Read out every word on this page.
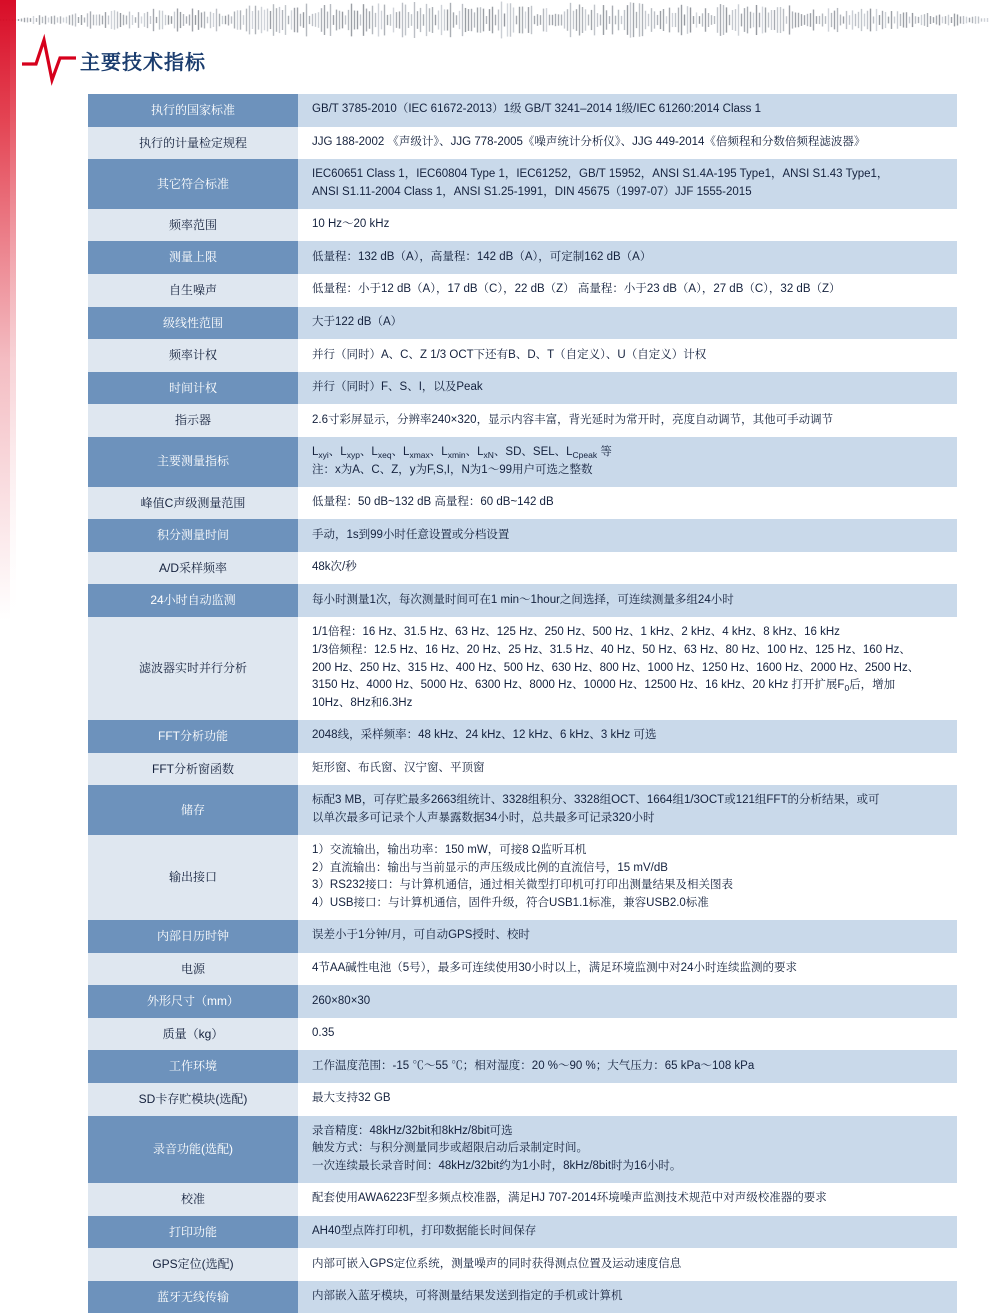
主要技术指标
执行的国家标准	GB/T 3785-2010（IEC 61672-2013）1级 GB/T 3241–2014 1级/IEC 61260:2014 Class 1

执行的计量检定规程	JJG 188-2002 《声级计》、JJG 778-2005《噪声统计分析仪》、JJG 449-2014《倍频程和分数倍频程滤波器》

其它符合标准	IEC60651 Class 1，IEC60804 Type 1，IEC61252，GB/T 15952，ANSI S1.4A-195 Type1，ANSI S1.43 Type1，
ANSI S1.11-2004 Class 1，ANSI S1.25-1991，DIN 45675（1997-07）JJF 1555-2015

频率范围	10 Hz～20 kHz

测量上限	低量程：132 dB（A），高量程：142 dB（A），可定制162 dB（A）

自生噪声	低量程：小于12 dB（A），17 dB（C），22 dB（Z） 高量程：小于23 dB（A），27 dB（C），32 dB（Z）

级线性范围	大于122 dB（A）

频率计权	并行（同时）A、C、Z 1/3 OCT下还有B、D、T（自定义）、U（自定义）计权

时间计权	并行（同时）F、S、I，以及Peak

指示器	2.6寸彩屏显示，分辨率240×320，显示内容丰富，背光延时为常开时，亮度自动调节，其他可手动调节

主要测量指标	$L_{xyi}$、$L_{xyp}$、$L_{xeq}$、$L_{xmax}$、$L_{xmin}$、$L_{xN}$、SD、SEL、$L_{Cpeak}$ 等
注：x为A、C、Z，y为F,S,I，N为1～99用户可选之整数

峰值C声级测量范围	低量程：50 dB~132 dB 高量程：60 dB~142 dB

积分测量时间	手动，1s到99小时任意设置或分档设置

A/D采样频率	48k次/秒

24小时自动监测	每小时测量1次，每次测量时间可在1 min～1hour之间选择，可连续测量多组24小时

滤波器实时并行分析	1/1倍程：16 Hz、31.5 Hz、63 Hz、125 Hz、250 Hz、500 Hz、1 kHz、2 kHz、4 kHz、8 kHz、16 kHz
1/3倍频程：12.5 Hz、16 Hz、20 Hz、25 Hz、31.5 Hz、40 Hz、50 Hz、63 Hz、80 Hz、100 Hz、125 Hz、160 Hz、
200 Hz、250 Hz、315 Hz、400 Hz、500 Hz、630 Hz、800 Hz、1000 Hz、1250 Hz、1600 Hz、2000 Hz、2500 Hz、
3150 Hz、4000 Hz、5000 Hz、6300 Hz、8000 Hz、10000 Hz、12500 Hz、16 kHz、20 kHz 打开扩展$F_0$后，增加
10Hz、8Hz和6.3Hz

FFT分析功能	2048线，采样频率：48 kHz、24 kHz、12 kHz、6 kHz、3 kHz 可选

FFT分析窗函数	矩形窗、布氏窗、汉宁窗、平顶窗

储存	标配3 MB，可存贮最多2663组统计、3328组积分、3328组OCT、1664组1/3OCT或121组FFT的分析结果，或可
以单次最多可记录个人声暴露数据34小时，总共最多可记录320小时

输出接口	1）交流输出，输出功率：150 mW，可接8 Ω监听耳机
2）直流输出：输出与当前显示的声压级成比例的直流信号，15 mV/dB
3）RS232接口：与计算机通信，通过相关微型打印机可打印出测量结果及相关图表
4）USB接口：与计算机通信，固件升级，符合USB1.1标准，兼容USB2.0标准

内部日历时钟	误差小于1分钟/月，可自动GPS授时、校时

电源	4节AA碱性电池（5号），最多可连续使用30小时以上，满足环境监测中对24小时连续监测的要求

外形尺寸（mm）	260×80×30

质量（kg）	0.35

工作环境	工作温度范围：-15 ℃～55 ℃；相对湿度：20 %～90 %；大气压力：65 kPa～108 kPa

SD卡存贮模块(选配)	最大支持32 GB

录音功能(选配)	录音精度：48kHz/32bit和8kHz/8bit可选
触发方式：与积分测量同步或超限启动后录制定时间。
一次连续最长录音时间：48kHz/32bit约为1小时，8kHz/8bit时为16小时。

校准	配套使用AWA6223F型多频点校准器，满足HJ 707-2014环境噪声监测技术规范中对声级校准器的要求

打印功能	AH40型点阵打印机，打印数据能长时间保存

GPS定位(选配)	内部可嵌入GPS定位系统，测量噪声的同时获得测点位置及运动速度信息

蓝牙无线传输	内部嵌入蓝牙模块，可将测量结果发送到指定的手机或计算机
